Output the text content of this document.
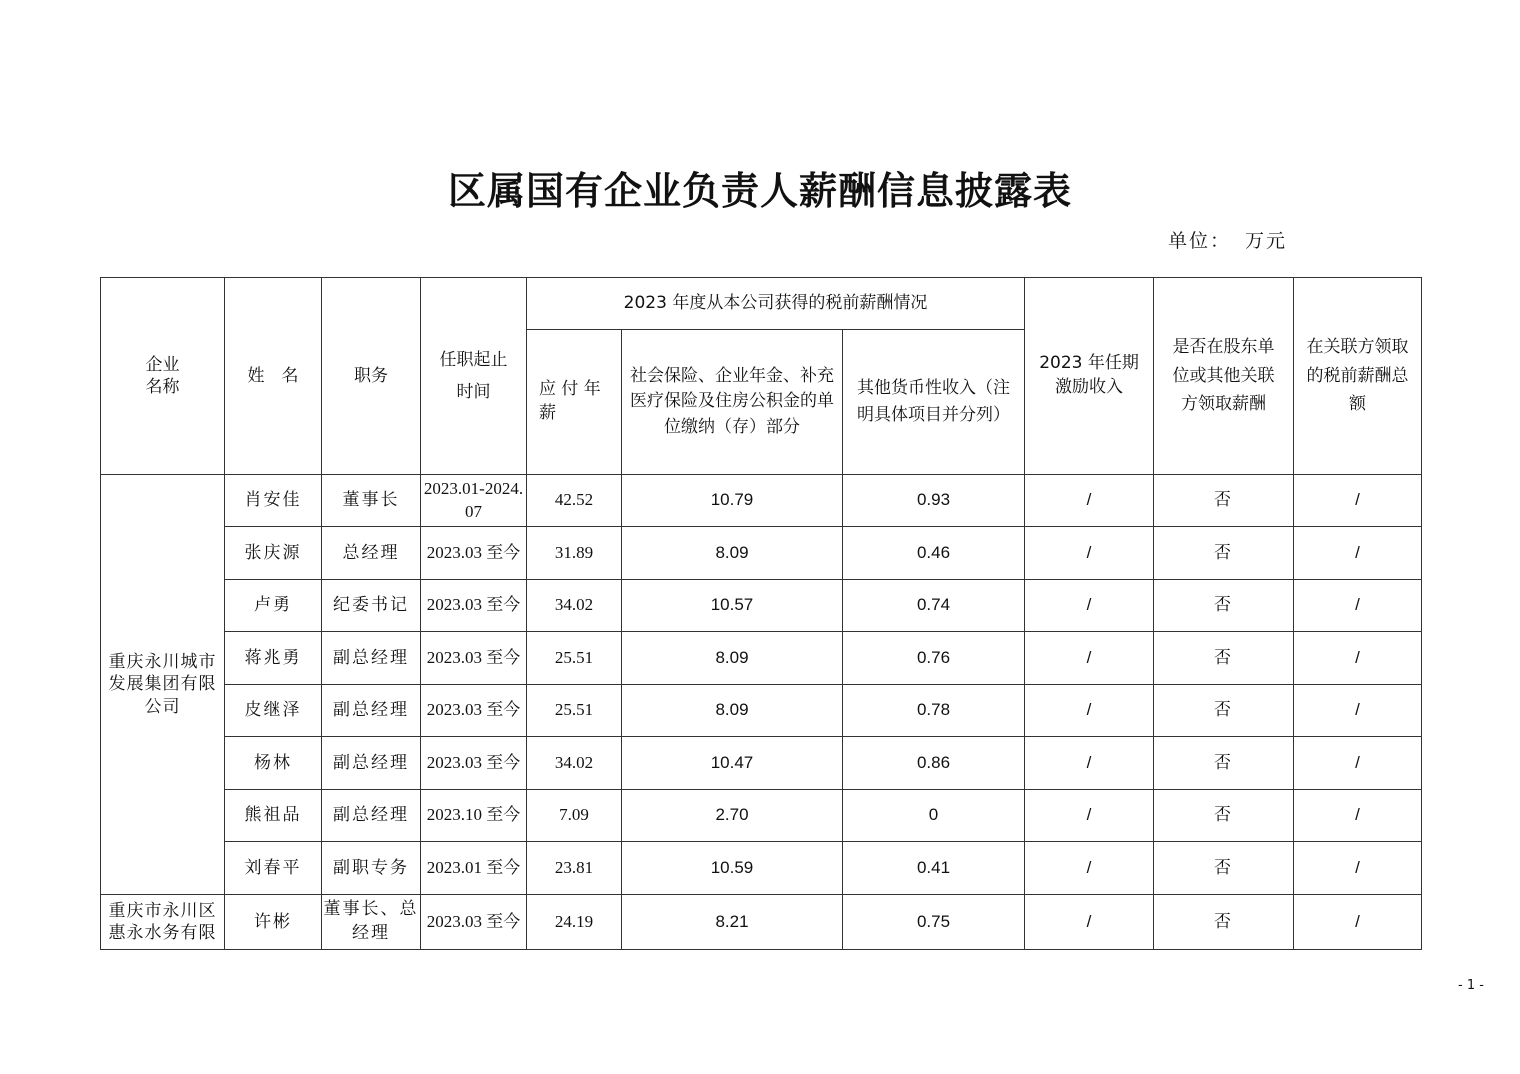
区属国有企业负责人薪酬信息披露表
单位： 万元
企业名称	姓　名	职务	任职起止时间	2023 年度从本公司获得的税前薪酬情况			2023 年任期激励收入	是否在股东单位或其他关联方领取薪酬	在关联方领取的税前薪酬总额

				应 付 年 薪	社会保险、企业年金、补充医疗保险及住房公积金的单位缴纳（存）部分	其他货币性收入（注明具体项目并分列）			

重庆永川城市发展集团有限公司	肖安佳	董事长	2023.01-2024.07	42.52	10.79	0.93	/	否	/
	张庆源	总经理	2023.03 至今	31.89	8.09	0.46	/	否	/
	卢勇	纪委书记	2023.03 至今	34.02	10.57	0.74	/	否	/
	蒋兆勇	副总经理	2023.03 至今	25.51	8.09	0.76	/	否	/
	皮继泽	副总经理	2023.03 至今	25.51	8.09	0.78	/	否	/
	杨林	副总经理	2023.03 至今	34.02	10.47	0.86	/	否	/
	熊祖品	副总经理	2023.10 至今	7.09	2.70	0	/	否	/
	刘春平	副职专务	2023.01 至今	23.81	10.59	0.41	/	否	/

重庆市永川区惠永水务有限	许彬	董事长、总经理	2023.03 至今	24.19	8.21	0.75	/	否	/
- 1 -
